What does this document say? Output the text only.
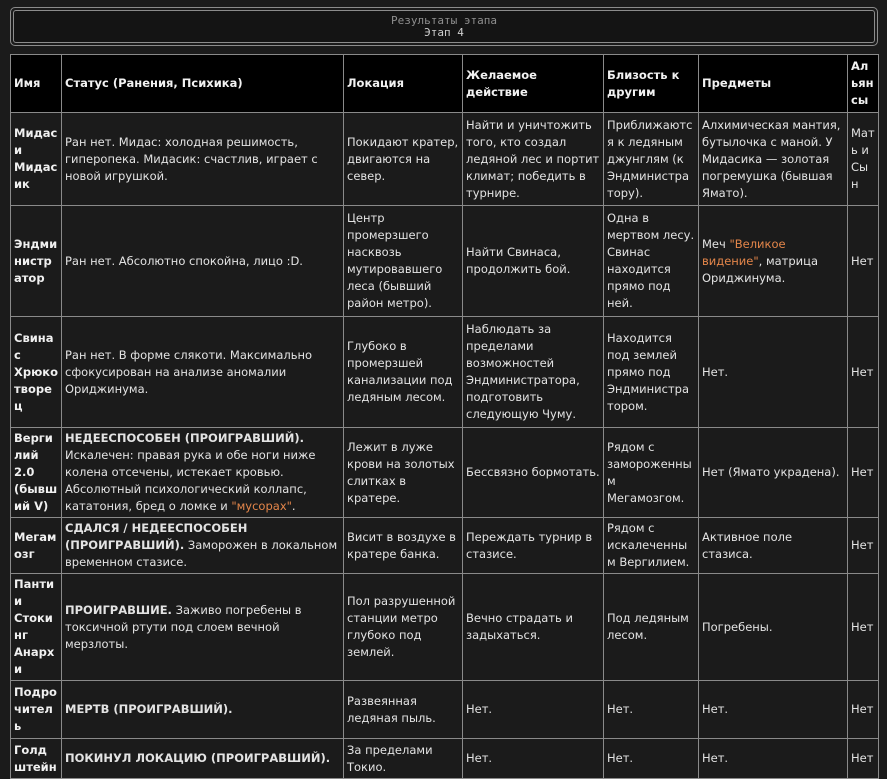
Результаты этапа
Этап 4
Имя	Статус (Ранения, Психика)	Локация	Желаемое действие	Близость к другим	Предметы	Альянсы
Мидас и Мидасик	Ран нет. Мидас: холодная решимость, гиперопека. Мидасик: счастлив, играет с новой игрушкой.	Покидают кратер, двигаются на север.	Найти и уничтожить того, кто создал ледяной лес и портит климат; победить в турнире.	Приближаются к ледяным джунглям (к Эндминистратору).	Алхимическая мантия, бутылочка с маной. У Мидасика — золотая погремушка (бывшая Ямато).	Мать и Сын
Эндминистратор	Ран нет. Абсолютно спокойна, лицо :D.	Центр промерзшего насквозь мутировавшего леса (бывший район метро).	Найти Свинаса, продолжить бой.	Одна в мертвом лесу. Свинас находится прямо под ней.	Меч "Великое видение", матрица Ориджинума.	Нет
Свинас Хрюкотворец	Ран нет. В форме слякоти. Максимально сфокусирован на анализе аномалии Ориджинума.	Глубоко в промерзшей канализации под ледяным лесом.	Наблюдать за пределами возможностей Эндминистратора, подготовить следующую Чуму.	Находится под землей прямо под Эндминистратором.	Нет.	Нет
Вергилий 2.0 (бывший V)	НЕДЕЕСПОСОБЕН (ПРОИГРАВШИЙ). Искалечен: правая рука и обе ноги ниже колена отсечены, истекает кровью. Абсолютный психологический коллапс, кататония, бред о ломке и "мусорах".	Лежит в луже крови на золотых слитках в кратере.	Бессвязно бормотать.	Рядом с замороженным Мегамозгом.	Нет (Ямато украдена).	Нет
Мегамозг	СДАЛСЯ / НЕДЕЕСПОСОБЕН (ПРОИГРАВШИЙ). Заморожен в локальном временном стазисе.	Висит в воздухе в кратере банка.	Переждать турнир в стазисе.	Рядом с искалеченным Вергилием.	Активное поле стазиса.	Нет
Панти и Стокинг Анархи	ПРОИГРАВШИЕ. Заживо погребены в токсичной ртути под слоем вечной мерзлоты.	Пол разрушенной станции метро глубоко под землей.	Вечно страдать и задыхаться.	Под ледяным лесом.	Погребены.	Нет
Подрочитель	МЕРТВ (ПРОИГРАВШИЙ).	Развеянная ледяная пыль.	Нет.	Нет.	Нет.	Нет
Голдштейн	ПОКИНУЛ ЛОКАЦИЮ (ПРОИГРАВШИЙ).	За пределами Токио.	Нет.	Нет.	Нет.	Нет
